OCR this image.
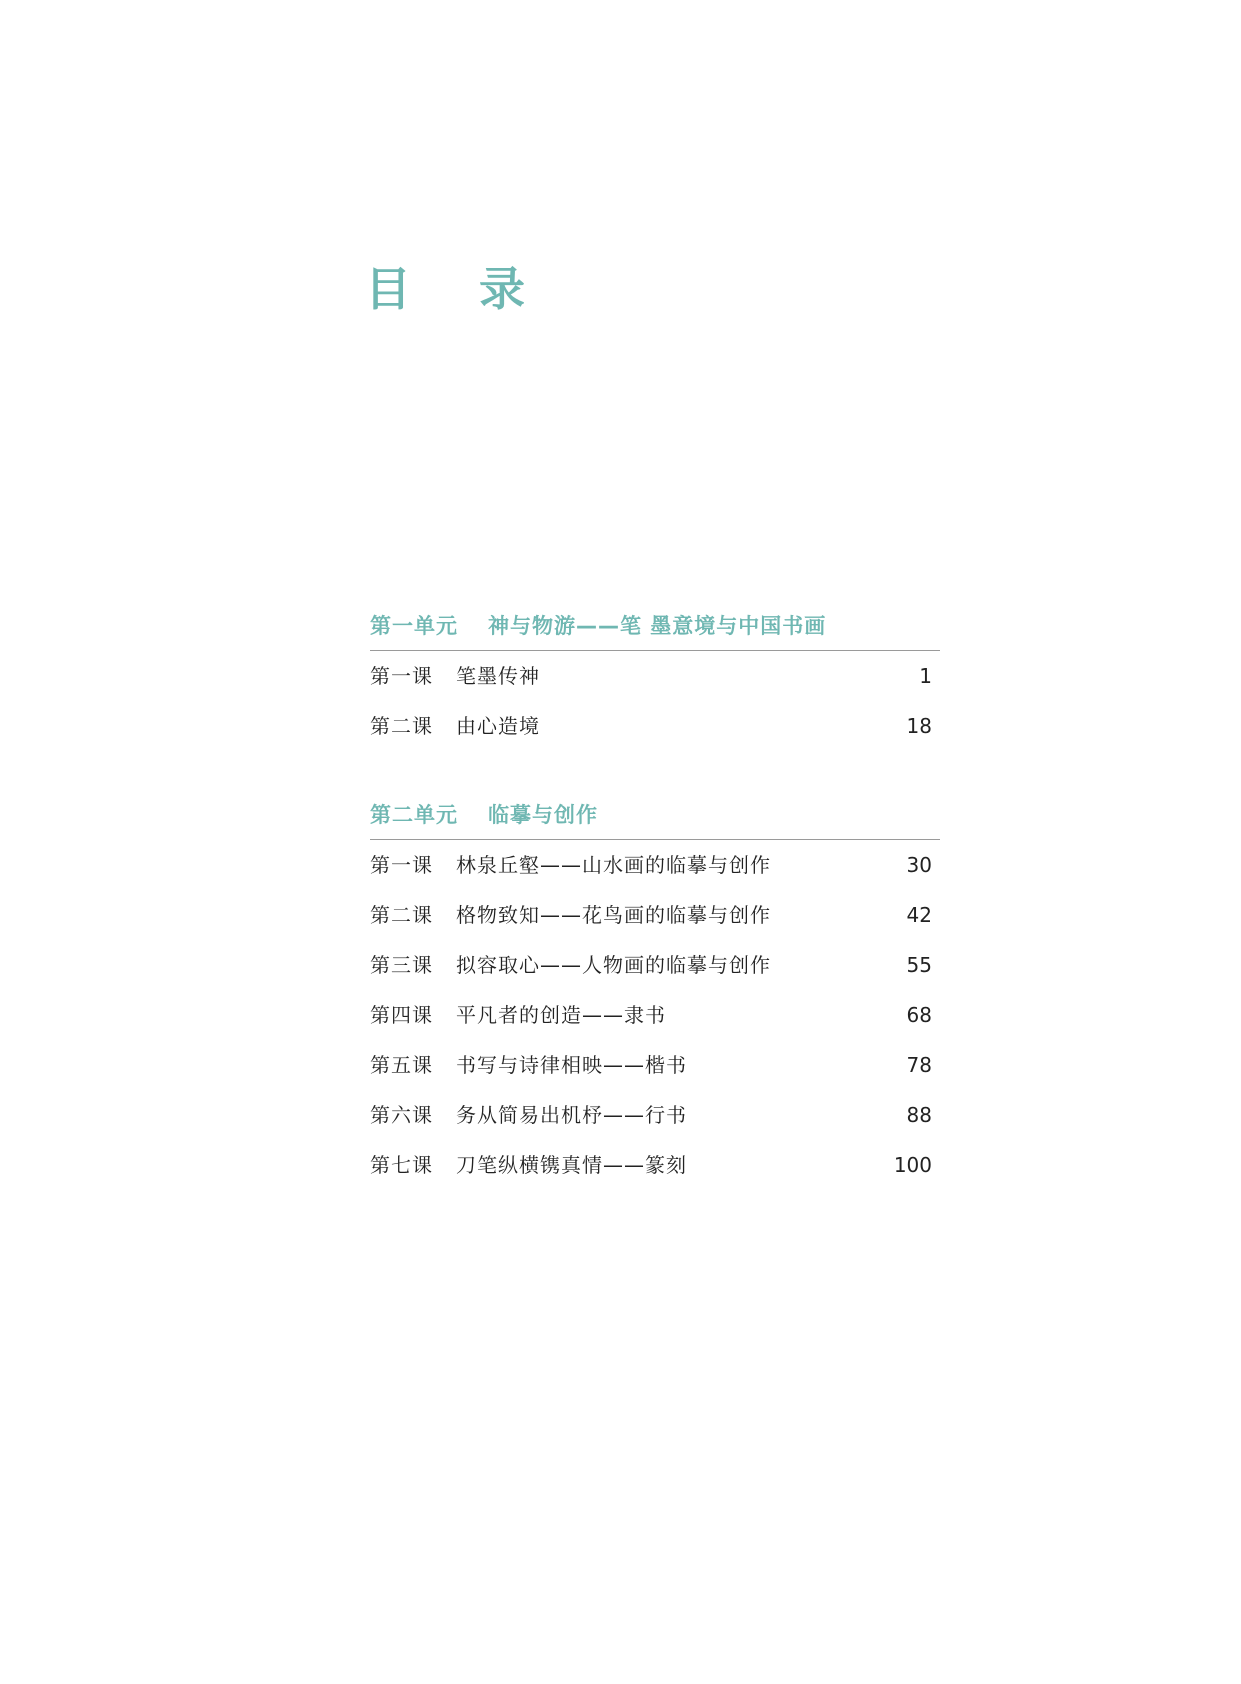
目 录
第一单元	神与物游——笔 墨意境与中国书画
第一课	笔墨传神	1
第二课	由心造境	18
第二单元	临摹与创作
第一课	林泉丘壑——山水画的临摹与创作	30
第二课	格物致知——花鸟画的临摹与创作	42
第三课	拟容取心——人物画的临摹与创作	55
第四课	平凡者的创造——隶书	68
第五课	书写与诗律相映——楷书	78
第六课	务从简易出机杼——行书	88
第七课	刀笔纵横镌真情——篆刻	100
